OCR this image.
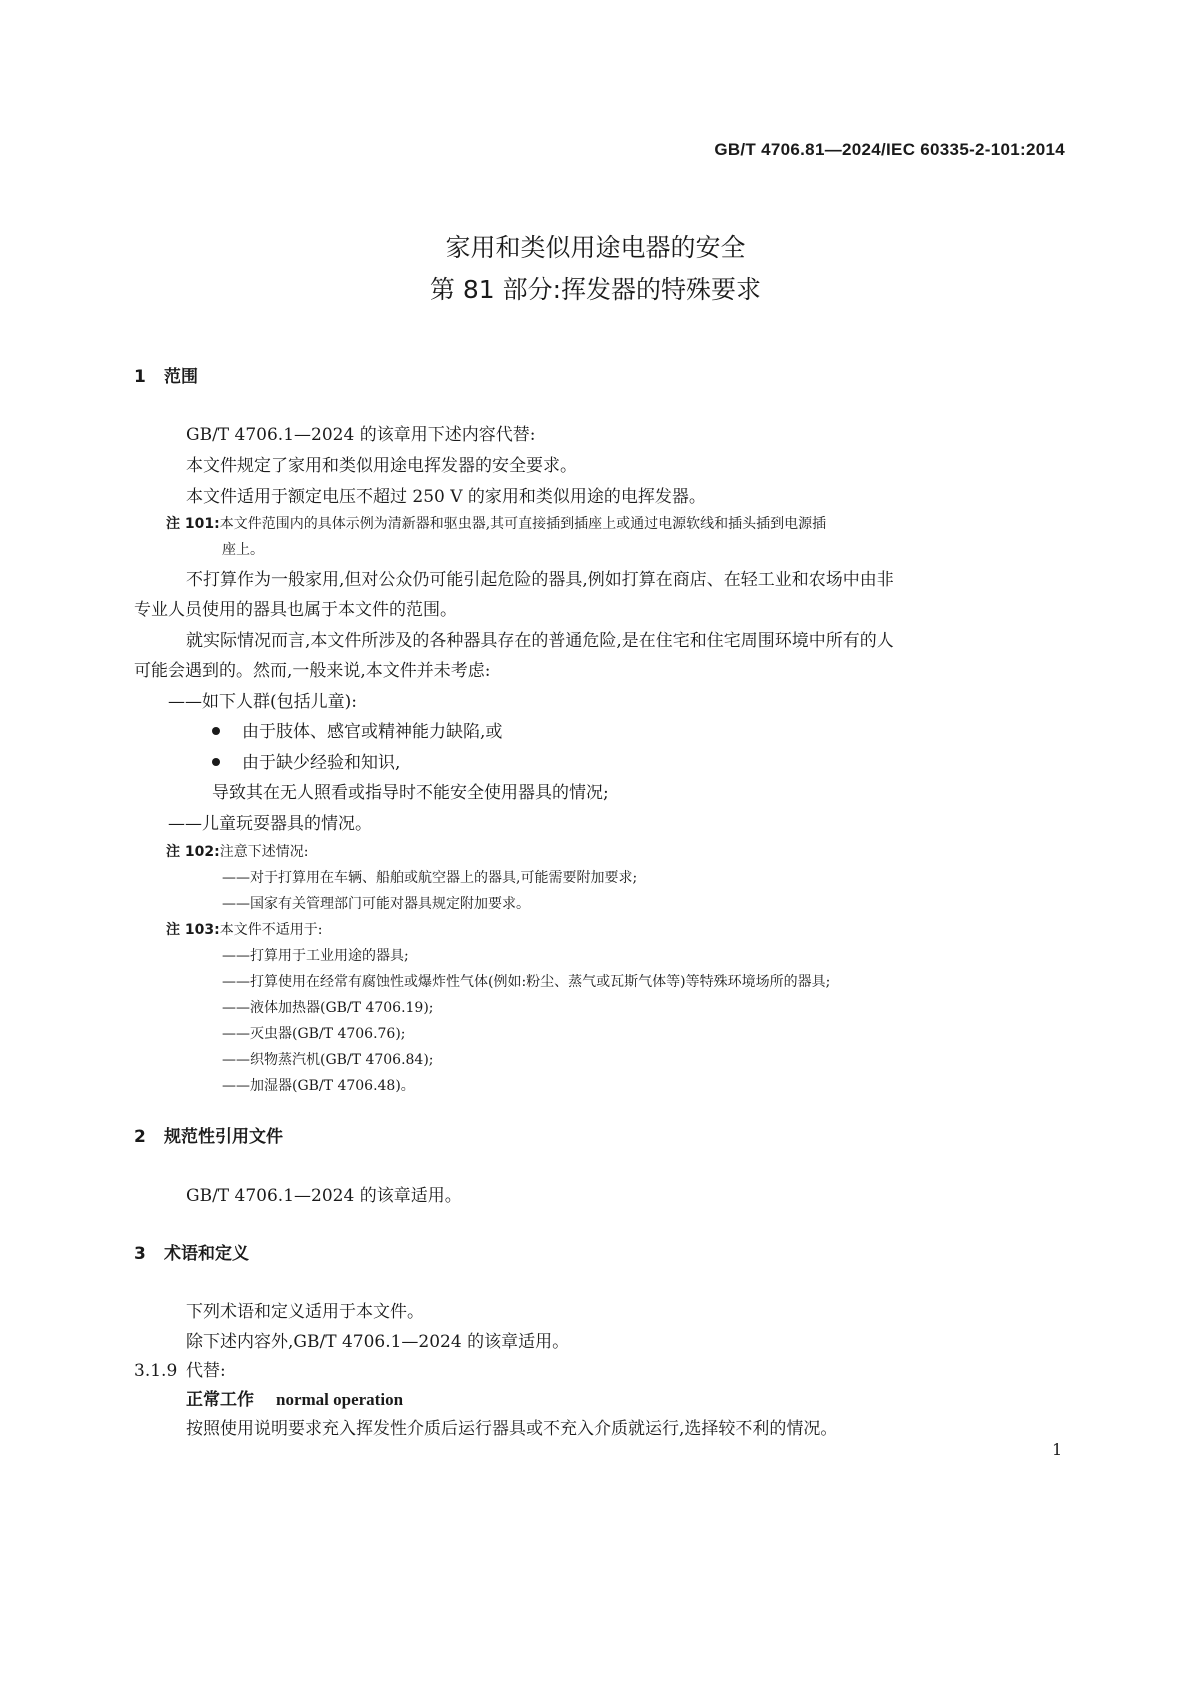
GB/T 4706.81—2024/IEC 60335-2-101:2014
家用和类似用途电器的安全
第 81 部分:挥发器的特殊要求
1 范围
GB/T 4706.1—2024 的该章用下述内容代替:
本文件规定了家用和类似用途电挥发器的安全要求。
本文件适用于额定电压不超过 250 V 的家用和类似用途的电挥发器。
注 101:本文件范围内的具体示例为清新器和驱虫器,其可直接插到插座上或通过电源软线和插头插到电源插
座上。
不打算作为一般家用,但对公众仍可能引起危险的器具,例如打算在商店、在轻工业和农场中由非
专业人员使用的器具也属于本文件的范围。
就实际情况而言,本文件所涉及的各种器具存在的普通危险,是在住宅和住宅周围环境中所有的人
可能会遇到的。然而,一般来说,本文件并未考虑:
——如下人群(包括儿童):
由于肢体、感官或精神能力缺陷,或
由于缺少经验和知识,
导致其在无人照看或指导时不能安全使用器具的情况;
——儿童玩耍器具的情况。
注 102:注意下述情况:
——对于打算用在车辆、船舶或航空器上的器具,可能需要附加要求;
——国家有关管理部门可能对器具规定附加要求。
注 103:本文件不适用于:
——打算用于工业用途的器具;
——打算使用在经常有腐蚀性或爆炸性气体(例如:粉尘、蒸气或瓦斯气体等)等特殊环境场所的器具;
——液体加热器(GB/T 4706.19);
——灭虫器(GB/T 4706.76);
——织物蒸汽机(GB/T 4706.84);
——加湿器(GB/T 4706.48)。
2 规范性引用文件
GB/T 4706.1—2024 的该章适用。
3 术语和定义
下列术语和定义适用于本文件。
除下述内容外,GB/T 4706.1—2024 的该章适用。
3.1.9 代替:
正常工作 normal operation
按照使用说明要求充入挥发性介质后运行器具或不充入介质就运行,选择较不利的情况。
1
